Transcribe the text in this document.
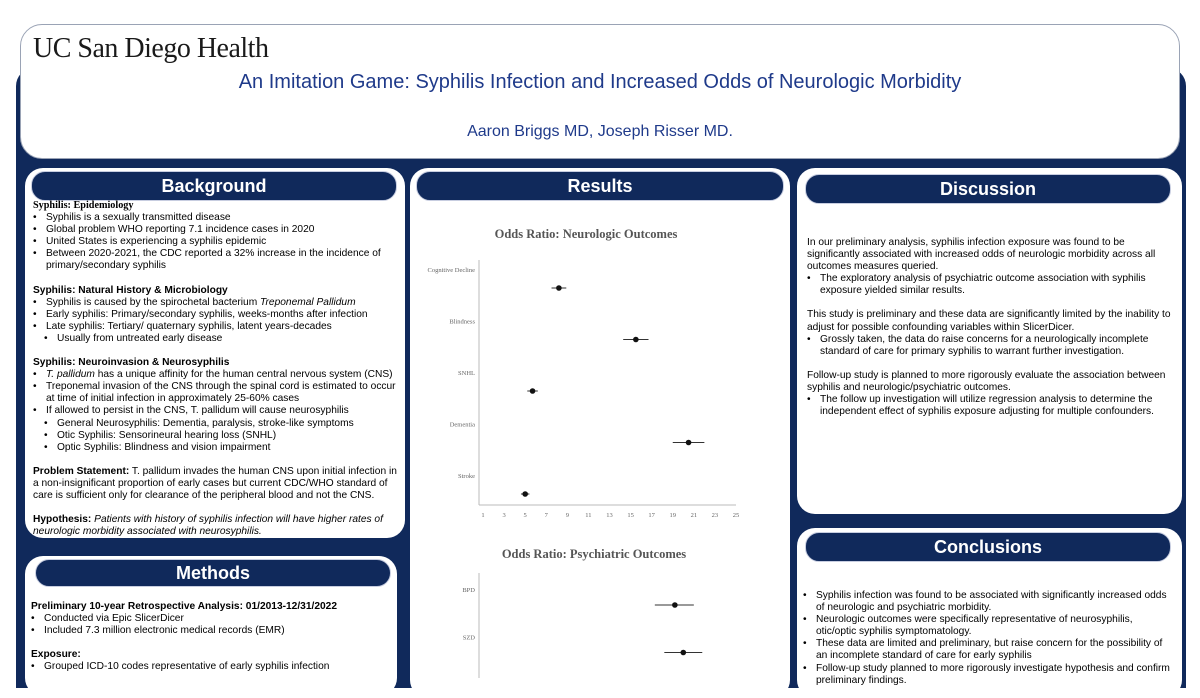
UC San Diego Health
An Imitation Game: Syphilis Infection and Increased Odds of Neurologic Morbidity
Aaron Briggs MD, Joseph Risser MD.
Background

Syphilis: Epidemiology

• Syphilis is a sexually transmitted disease
• Global problem WHO reporting 7.1 incidence cases in 2020
• United States is experiencing a syphilis epidemic
• Between 2020-2021, the CDC reported a 32% increase in the incidence of primary/secondary syphilis

Syphilis: Natural History & Microbiology

• Syphilis is caused by the spirochetal bacterium Treponemal Pallidum
• Early syphilis: Primary/secondary syphilis, weeks-months after infection
• Late syphilis: Tertiary/ quaternary syphilis, latent years-decades
• Usually from untreated early disease

Syphilis: Neuroinvasion & Neurosyphilis

• T. pallidum has a unique affinity for the human central nervous system (CNS)
• Treponemal invasion of the CNS through the spinal cord is estimated to occur at time of initial infection in approximately 25-60% cases
• If allowed to persist in the CNS, T. pallidum will cause neurosyphilis
• General Neurosyphilis: Dementia, paralysis, stroke-like symptoms
• Otic Syphilis: Sensorineural hearing loss (SNHL)
• Optic Syphilis: Blindness and vision impairment

Problem Statement: T. pallidum invades the human CNS upon initial infection in a non-insignificant proportion of early cases but current CDC/WHO standard of care is sufficient only for clearance of the peripheral blood and not the CNS.

Hypothesis: Patients with history of syphilis infection will have higher rates of neurologic morbidity associated with neurosyphilis.

Methods

Preliminary 10-year Retrospective Analysis: 01/2013-12/31/2022

• Conducted via Epic SlicerDicer
• Included 7.3 million electronic medical records (EMR)

Exposure:

• Grouped ICD-10 codes representative of early syphilis infection
Results
Odds Ratio: Neurologic Outcomes
1	3	5	7	9	11 13 15 17 19 21 23 25
Cognitive Decline
Blindness
SNHL
Dementia
Stroke
Odds Ratio: Psychiatric Outcomes
BPD
SZD
Discussion

In our preliminary analysis, syphilis infection exposure was found to be significantly associated with increased odds of neurologic morbidity across all outcomes measures queried.

• The exploratory analysis of psychiatric outcome association with syphilis exposure yielded similar results.

This study is preliminary and these data are significantly limited by the inability to adjust for possible confounding variables within SlicerDicer.

• Grossly taken, the data do raise concerns for a neurologically incomplete standard of care for primary syphilis to warrant further investigation.

Follow-up study is planned to more rigorously evaluate the association between syphilis and neurologic/psychiatric outcomes.

• The follow up investigation will utilize regression analysis to determine the independent effect of syphilis exposure adjusting for multiple confounders.
Conclusions
• Syphilis infection was found to be associated with significantly increased odds of neurologic and psychiatric morbidity.
• Neurologic outcomes were specifically representative of neurosyphilis, otic/optic syphilis symptomatology.
• These data are limited and preliminary, but raise concern for the possibility of an incomplete standard of care for early syphilis
• Follow-up study planned to more rigorously investigate hypothesis and confirm preliminary findings.
